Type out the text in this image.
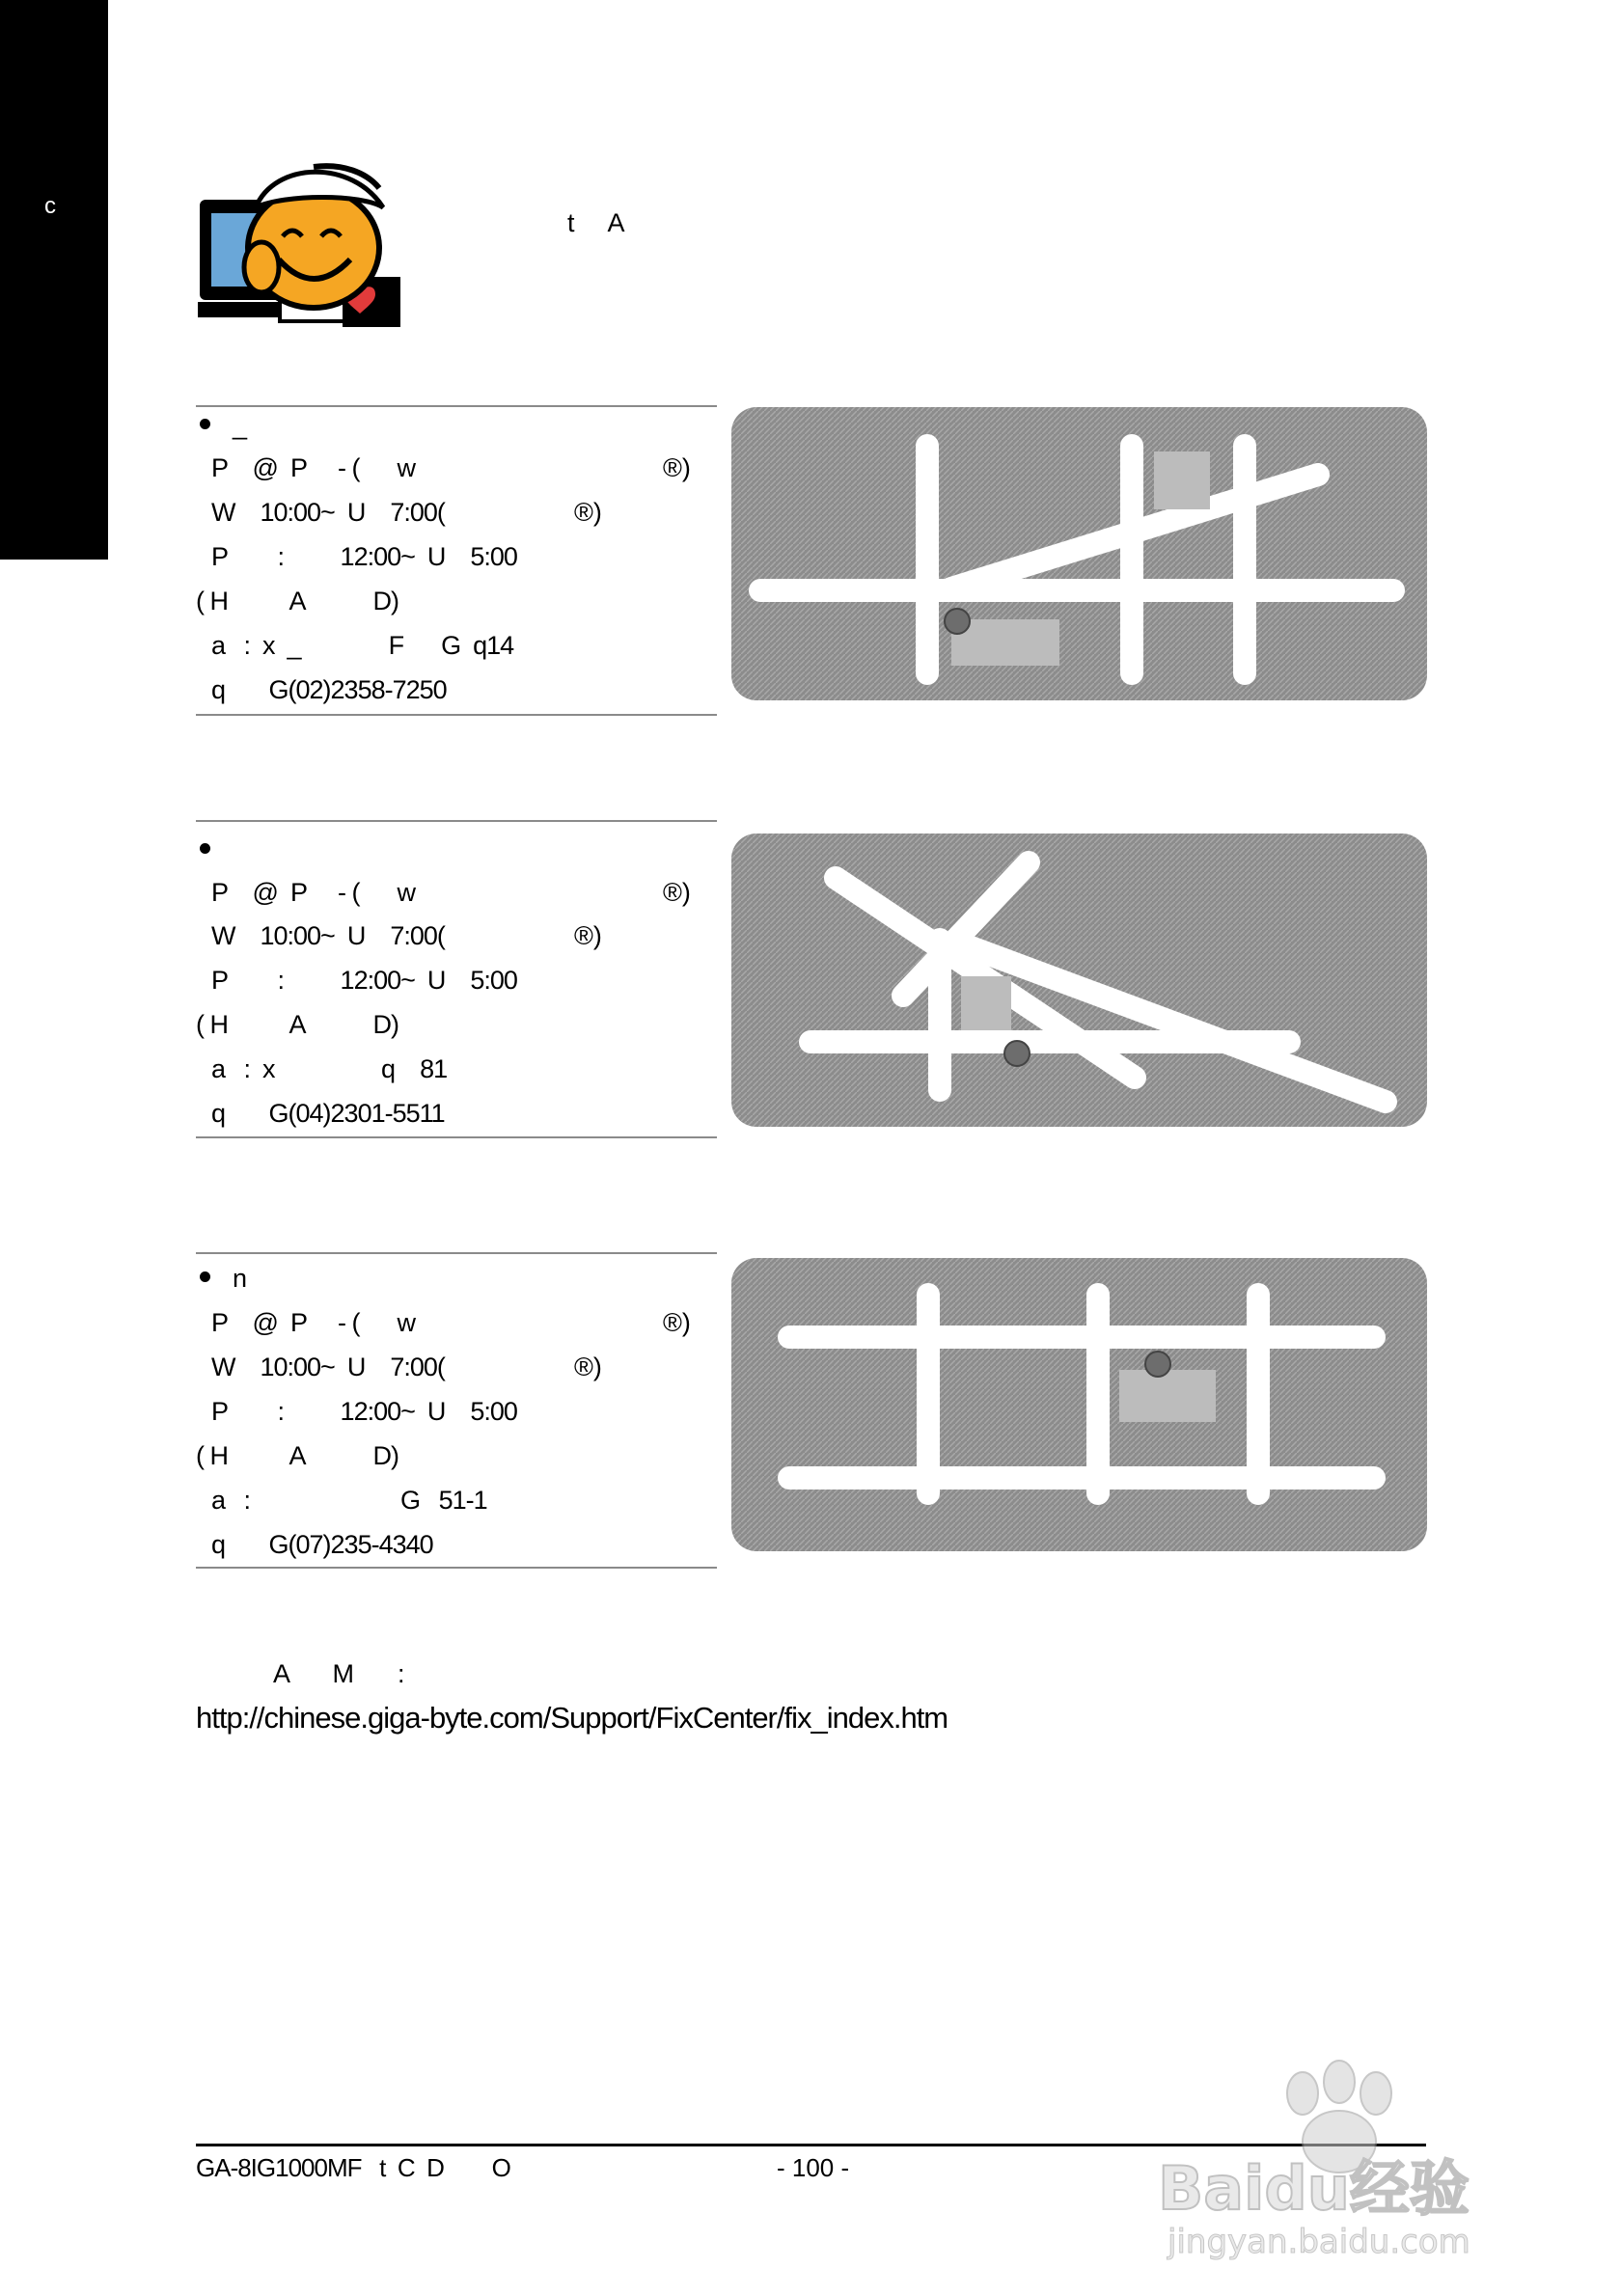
c
t A
_
P    @  P     - (      w	®)
W    10:00~  U    7:00(	®)
P        :         12:00~  U    5:00
( H          A           D)
a   :  x  _              F      G  q14
q       G(02)2358-7250
P    @  P     - (      w	®)
W    10:00~  U    7:00(	®)
P        :         12:00~  U    5:00
( H          A           D)
a   :  x                 q    81
q       G(04)2301-5511
n
P    @  P     - (      w	®)
W    10:00~  U    7:00(	®)
P        :         12:00~  U    5:00
( H          A           D)
a   :                        G   51-1
q       G(07)235-4340
A      M      :
http://chinese.giga-byte.com/Support/FixCenter/fix_index.htm
GA-8IG1000MF   t  C  D        O	- 100 -	Baidu经验
jingyan.baidu.com
